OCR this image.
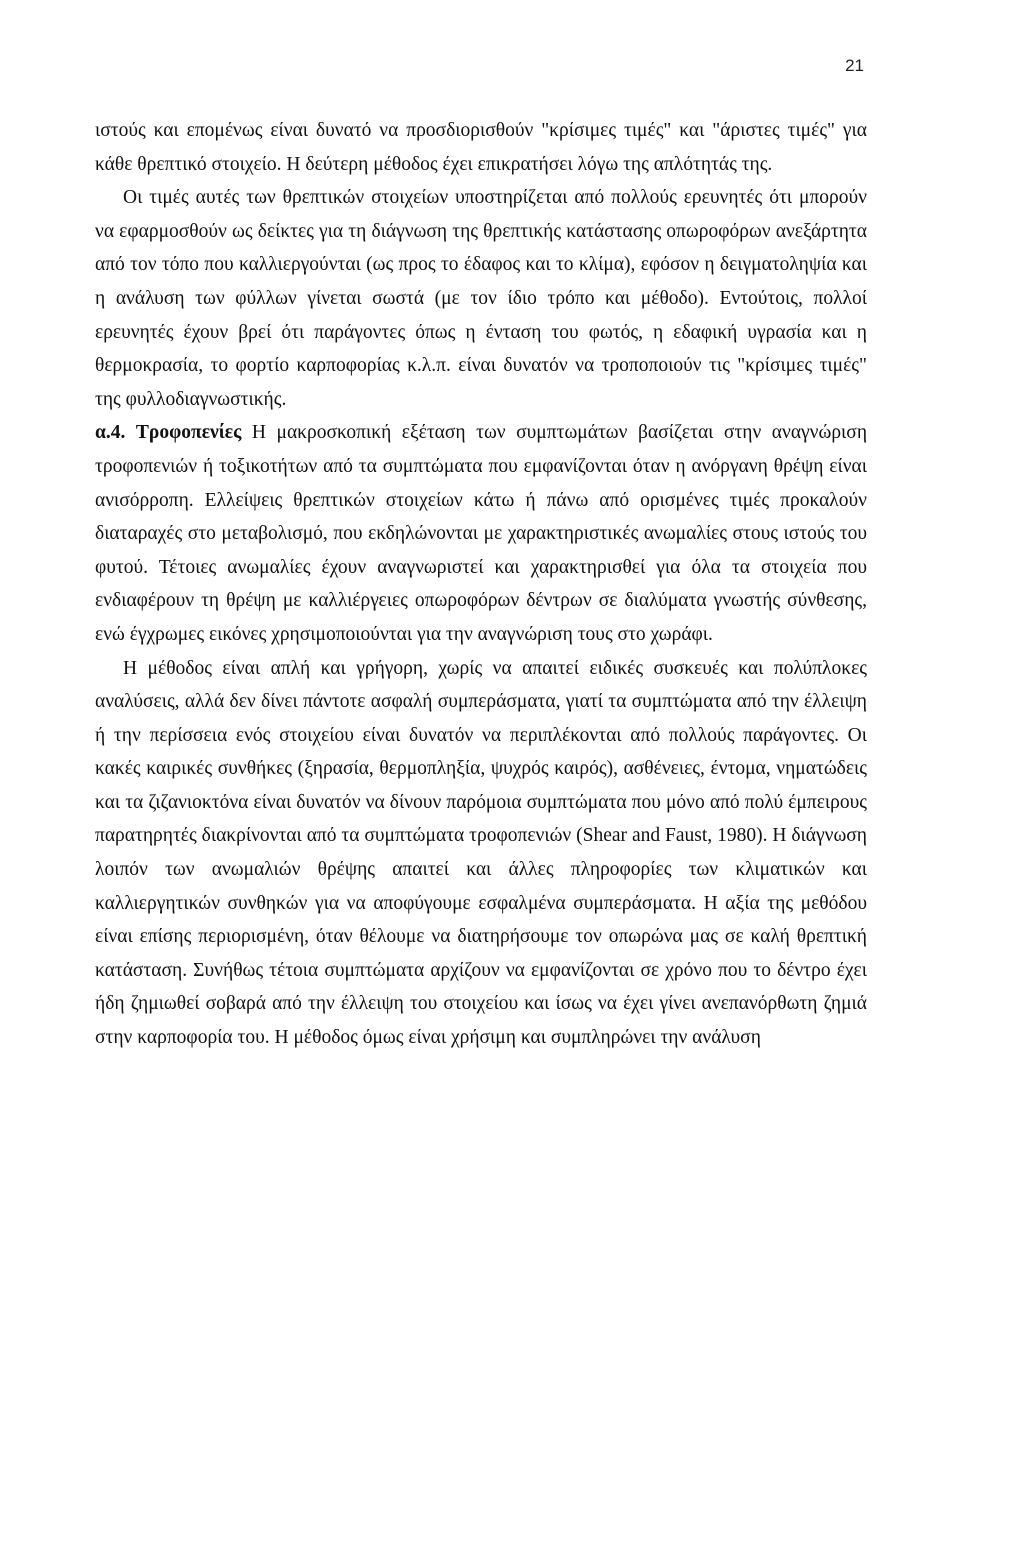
21

ιστούς και επομένως είναι δυνατό να προσδιορισθούν "κρίσιμες τιμές" και "άριστες τιμές" για κάθε θρεπτικό στοιχείο. Η δεύτερη μέθοδος έχει επικρατήσει λόγω της απλότητάς της.

Οι τιμές αυτές των θρεπτικών στοιχείων υποστηρίζεται από πολλούς ερευνητές ότι μπορούν να εφαρμοσθούν ως δείκτες για τη διάγνωση της θρεπτικής κατάστασης οπωροφόρων ανεξάρτητα από τον τόπο που καλλιεργούνται (ως προς το έδαφος και το κλίμα), εφόσον η δειγματοληψία και η ανάλυση των φύλλων γίνεται σωστά (με τον ίδιο τρόπο και μέθοδο). Εντούτοις, πολλοί ερευνητές έχουν βρεί ότι παράγοντες όπως η ένταση του φωτός, η εδαφική υγρασία και η θερμοκρασία, το φορτίο καρποφορίας κ.λ.π. είναι δυνατόν να τροποποιούν τις "κρίσιμες τιμές" της φυλλοδιαγνωστικής.

α.4. Τροφοπενίες Η μακροσκοπική εξέταση των συμπτωμάτων βασίζεται στην αναγνώριση τροφοπενιών ή τοξικοτήτων από τα συμπτώματα που εμφανίζονται όταν η ανόργανη θρέψη είναι ανισόρροπη. Ελλείψεις θρεπτικών στοιχείων κάτω ή πάνω από ορισμένες τιμές προκαλούν διαταραχές στο μεταβολισμό, που εκδηλώνονται με χαρακτηριστικές ανωμαλίες στους ιστούς του φυτού. Τέτοιες ανωμαλίες έχουν αναγνωριστεί και χαρακτηρισθεί για όλα τα στοιχεία που ενδιαφέρουν τη θρέψη με καλλιέργειες οπωροφόρων δέντρων σε διαλύματα γνωστής σύνθεσης, ενώ έγχρωμες εικόνες χρησιμοποιούνται για την αναγνώριση τους στο χωράφι.

Η μέθοδος είναι απλή και γρήγορη, χωρίς να απαιτεί ειδικές συσκευές και πολύπλοκες αναλύσεις, αλλά δεν δίνει πάντοτε ασφαλή συμπεράσματα, γιατί τα συμπτώματα από την έλλειψη ή την περίσσεια ενός στοιχείου είναι δυνατόν να περιπλέκονται από πολλούς παράγοντες. Οι κακές καιρικές συνθήκες (ξηρασία, θερμοπληξία, ψυχρός καιρός), ασθένειες, έντομα, νηματώδεις και τα ζιζανιοκτόνα είναι δυνατόν να δίνουν παρόμοια συμπτώματα που μόνο από πολύ έμπειρους παρατηρητές διακρίνονται από τα συμπτώματα τροφοπενιών (Shear and Faust, 1980). Η διάγνωση λοιπόν των ανωμαλιών θρέψης απαιτεί και άλλες πληροφορίες των κλιματικών και καλλιεργητικών συνθηκών για να αποφύγουμε εσφαλμένα συμπεράσματα. Η αξία της μεθόδου είναι επίσης περιορισμένη, όταν θέλουμε να διατηρήσουμε τον οπωρώνα μας σε καλή θρεπτική κατάσταση. Συνήθως τέτοια συμπτώματα αρχίζουν να εμφανίζονται σε χρόνο που το δέντρο έχει ήδη ζημιωθεί σοβαρά από την έλλειψη του στοιχείου και ίσως να έχει γίνει ανεπανόρθωτη ζημιά στην καρποφορία του. Η μέθοδος όμως είναι χρήσιμη και συμπληρώνει την ανάλυση
